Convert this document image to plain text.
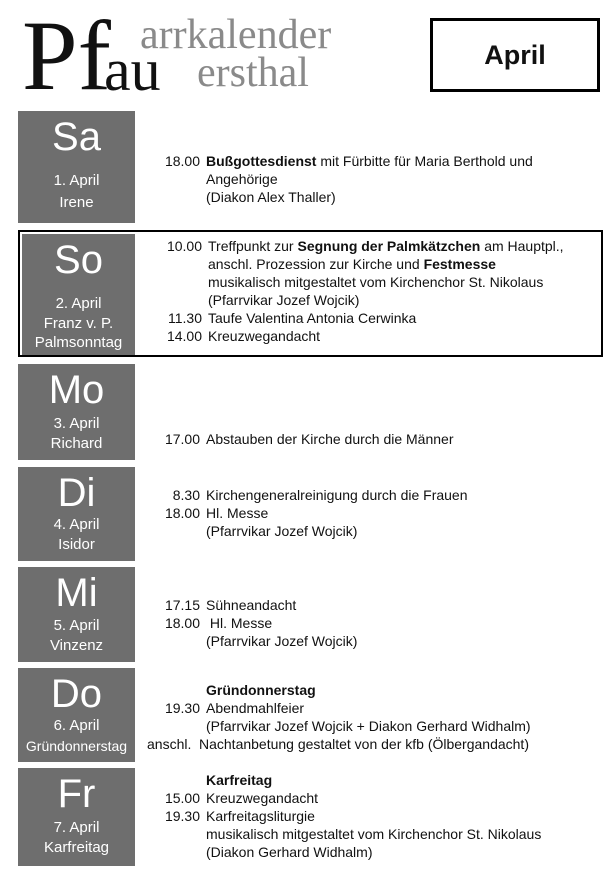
Pf arrkalender
au ersthal	April
Sa
1. April
Irene
18.00 Bußgottesdienst mit Fürbitte für Maria Berthold und
Angehörige
(Diakon Alex Thaller)
So
2. April
Franz v. P.
Palmsonntag
10.00 Treffpunkt zur Segnung der Palmkätzchen am Hauptpl.,
anschl. Prozession zur Kirche und Festmesse
musikalisch mitgestaltet vom Kirchenchor St. Nikolaus
(Pfarrvikar Jozef Wojcik)
11.30 Taufe Valentina Antonia Cerwinka
14.00 Kreuzwegandacht
Mo
3. April
Richard	17.00 Abstauben der Kirche durch die Männer
Di
4. April
Isidor
8.30 Kirchengeneralreinigung durch die Frauen
18.00 Hl. Messe
(Pfarrvikar Jozef Wojcik)
Mi
5. April
Vinzenz
17.15 Sühneandacht
18.00 Hl. Messe
(Pfarrvikar Jozef Wojcik)
Do
6. April
Gründonnerstag
Gründonnerstag
19.30 Abendmahlfeier
(Pfarrvikar Jozef Wojcik + Diakon Gerhard Widhalm)
anschl. Nachtanbetung gestaltet von der kfb (Ölbergandacht)
Fr
7. April
Karfreitag
Karfreitag
15.00 Kreuzwegandacht
19.30 Karfreitagsliturgie
musikalisch mitgestaltet vom Kirchenchor St. Nikolaus
(Diakon Gerhard Widhalm)
